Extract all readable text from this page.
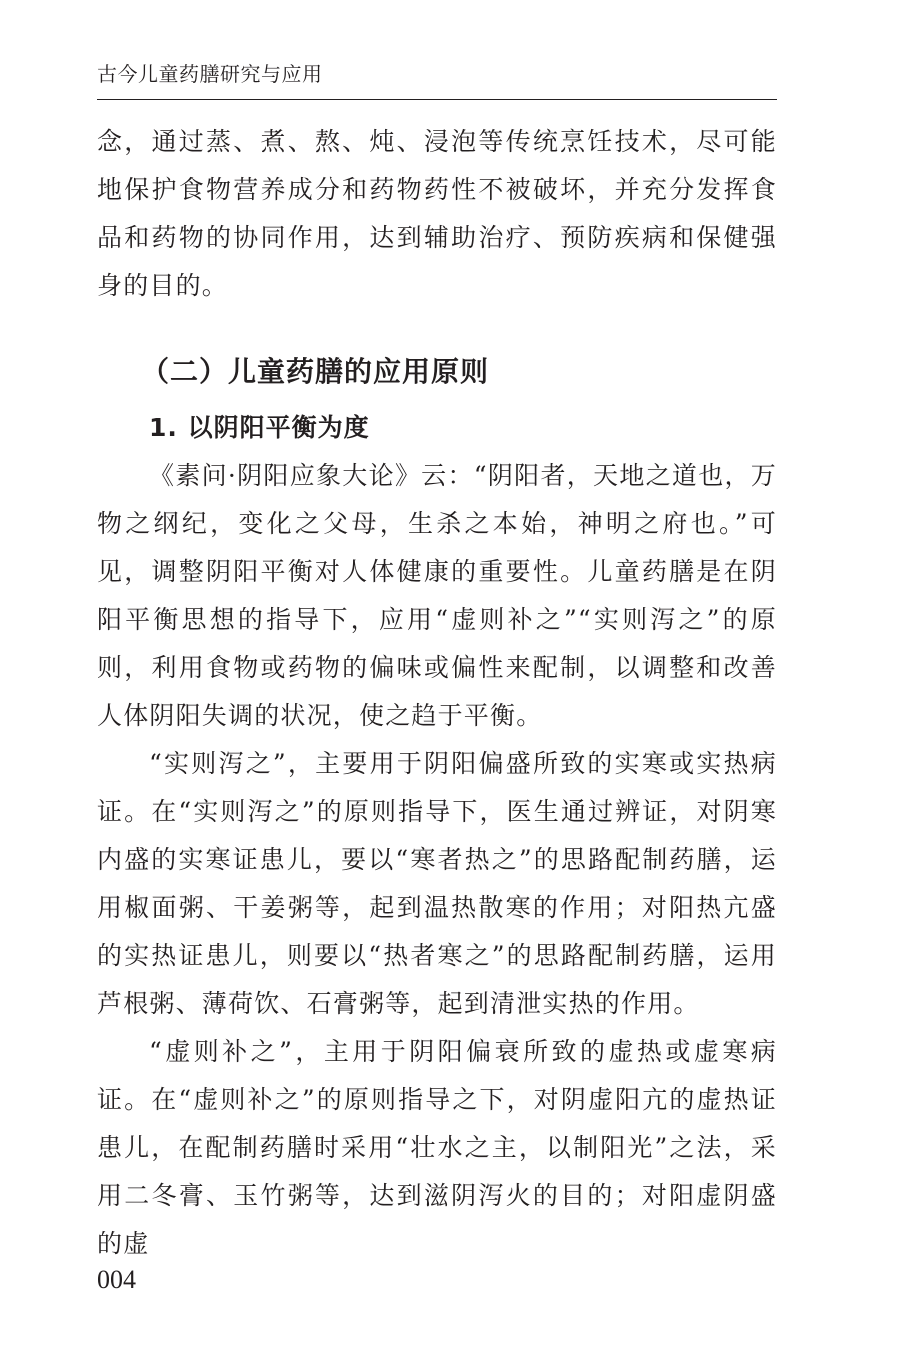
古今儿童药膳研究与应用

念，通过蒸、煮、熬、炖、浸泡等传统烹饪技术，尽可能地保护食物营养成分和药物药性不被破坏，并充分发挥食品和药物的协同作用，达到辅助治疗、预防疾病和保健强身的目的。

（二）儿童药膳的应用原则
1. 以阴阳平衡为度

《素问·阴阳应象大论》云：“阴阳者，天地之道也，万物之纲纪，变化之父母，生杀之本始，神明之府也。”可见，调整阴阳平衡对人体健康的重要性。儿童药膳是在阴阳平衡思想的指导下，应用“虚则补之”“实则泻之”的原则，利用食物或药物的偏味或偏性来配制，以调整和改善人体阴阳失调的状况，使之趋于平衡。

“实则泻之”，主要用于阴阳偏盛所致的实寒或实热病证。在“实则泻之”的原则指导下，医生通过辨证，对阴寒内盛的实寒证患儿，要以“寒者热之”的思路配制药膳，运用椒面粥、干姜粥等，起到温热散寒的作用；对阳热亢盛的实热证患儿，则要以“热者寒之”的思路配制药膳，运用芦根粥、薄荷饮、石膏粥等，起到清泄实热的作用。

“虚则补之”，主用于阴阳偏衰所致的虚热或虚寒病证。在“虚则补之”的原则指导之下，对阴虚阳亢的虚热证患儿，在配制药膳时采用“壮水之主，以制阳光”之法，采用二冬膏、玉竹粥等，达到滋阴泻火的目的；对阳虚阴盛的虚

004
